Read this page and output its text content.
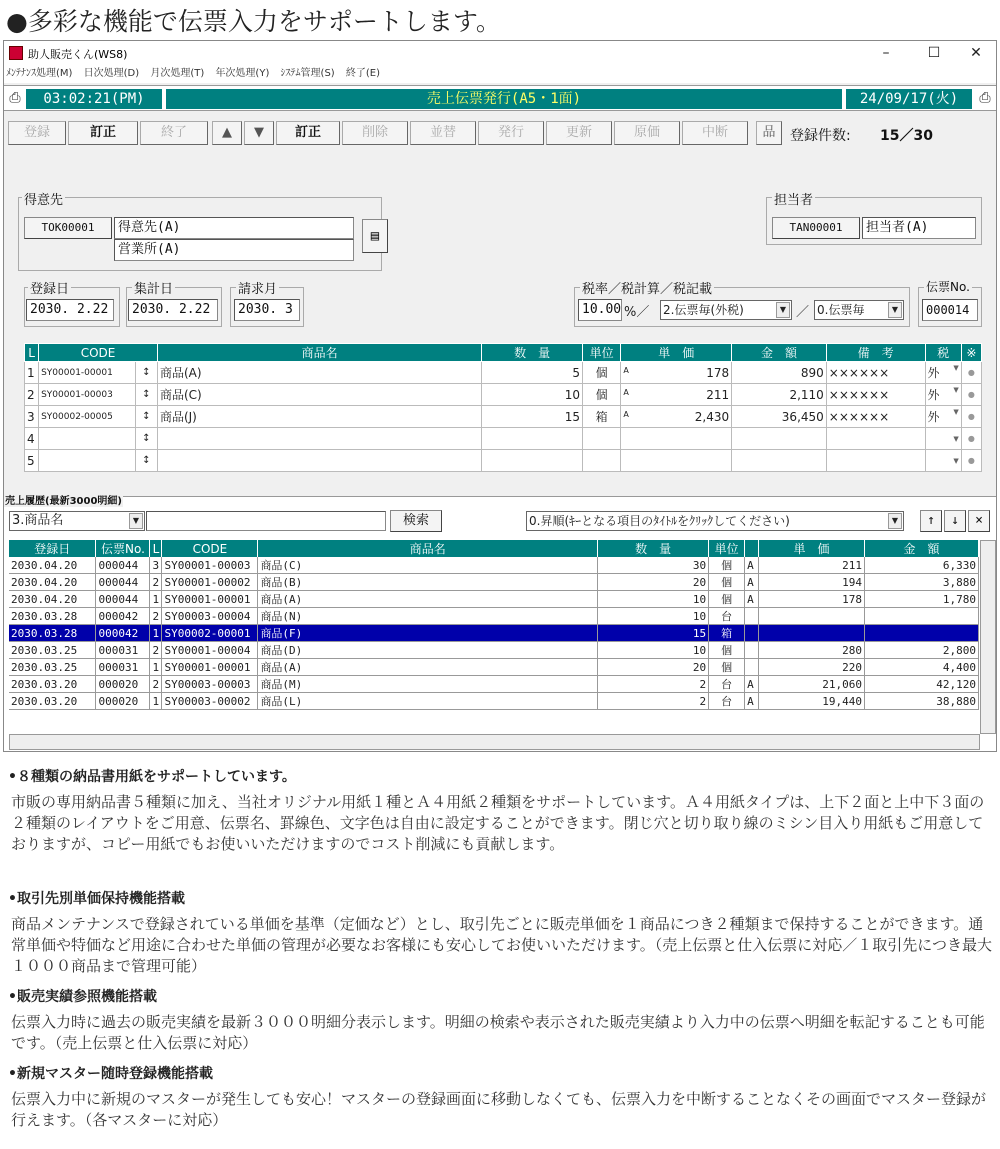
●多彩な機能で伝票入力をサポートします。
助人販売くん(WS8)	–	☐	✕
ﾒﾝﾃﾅﾝｽ処理(M) 日次処理(D) 月次処理(T) 年次処理(Y) ｼｽﾃﾑ管理(S) 終了(E)
⎙	03:02:21(PM)	売上伝票発行(A5・1面)	24/09/17(火)	⎙
登録	訂正	終了	▲	▼	訂正	削除	並替	発行	更新	原価	中断	品	登録件数: 15／30
得意先
TOK00001	得意先(A)
営業所(A)
▤
担当者
TAN00001	担当者(A)
登録日
2030. 2.22
集計日
2030. 2.22
請求月
2030. 3
税率／税計算／税記載
10.00 %／ 2.伝票毎(外税)	▼ ／ 0.伝票毎	▼
伝票No.
000014
L	CODE		商品名	数　量	単位	単　価	金　額	備　考	税	※
1	SY00001-00001	↕	商品(A)	5	個	A 178	890	××××××	外 ▼	●
2	SY00001-00003	↕	商品(C)	10	個	A 211	2,110	××××××	外 ▼	●
3	SY00002-00005	↕	商品(J)	15	箱	A 2,430	36,450	××××××	外 ▼	●
4		↕							▼	●
5		↕							▼	●
売上履歴(最新3000明細)
3.商品名	▼	検索	0.昇順(ｷｰとなる項目のﾀｲﾄﾙをｸﾘｯｸしてください)	▼	↑	↓	×
登録日	伝票No.	L	CODE	商品名	数　量	単位		単　価	金　額
2030.04.20	000044	3	SY00001-00003	商品(C)	30	個	A	211	6,330
2030.04.20	000044	2	SY00001-00002	商品(B)	20	個	A	194	3,880
2030.04.20	000044	1	SY00001-00001	商品(A)	10	個	A	178	1,780
2030.03.28	000042	2	SY00003-00004	商品(N)	10	台			
2030.03.28	000042	1	SY00002-00001	商品(F)	15	箱			
2030.03.25	000031	2	SY00001-00004	商品(D)	10	個		280	2,800
2030.03.25	000031	1	SY00001-00001	商品(A)	20	個		220	4,400
2030.03.20	000020	2	SY00003-00003	商品(M)	2	台	A	21,060	42,120
2030.03.20	000020	1	SY00003-00002	商品(L)	2	台	A	19,440	38,880
•８種類の納品書用紙をサポートしています。
市販の専用納品書５種類に加え、当社オリジナル用紙１種とＡ４用紙２種類をサポートしています。Ａ４用紙タイプは、上下２面と上中下３面の２種類のレイアウトをご用意、伝票名、罫線色、文字色は自由に設定することができます。閉じ穴と切り取り線のミシン目入り用紙もご用意しておりますが、コピー用紙でもお使いいただけますのでコスト削減にも貢献します。
•取引先別単価保持機能搭載
商品メンテナンスで登録されている単価を基準（定価など）とし、取引先ごとに販売単価を１商品につき２種類まで保持することができます。通常単価や特価など用途に合わせた単価の管理が必要なお客様にも安心してお使いいただけます。（売上伝票と仕入伝票に対応／１取引先につき最大１０００商品まで管理可能）
•販売実績参照機能搭載
伝票入力時に過去の販売実績を最新３０００明細分表示します。明細の検索や表示された販売実績より入力中の伝票へ明細を転記することも可能です。（売上伝票と仕入伝票に対応）
•新規マスター随時登録機能搭載
伝票入力中に新規のマスターが発生しても安心！マスターの登録画面に移動しなくても、伝票入力を中断することなくその画面でマスター登録が行えます。（各マスターに対応）
